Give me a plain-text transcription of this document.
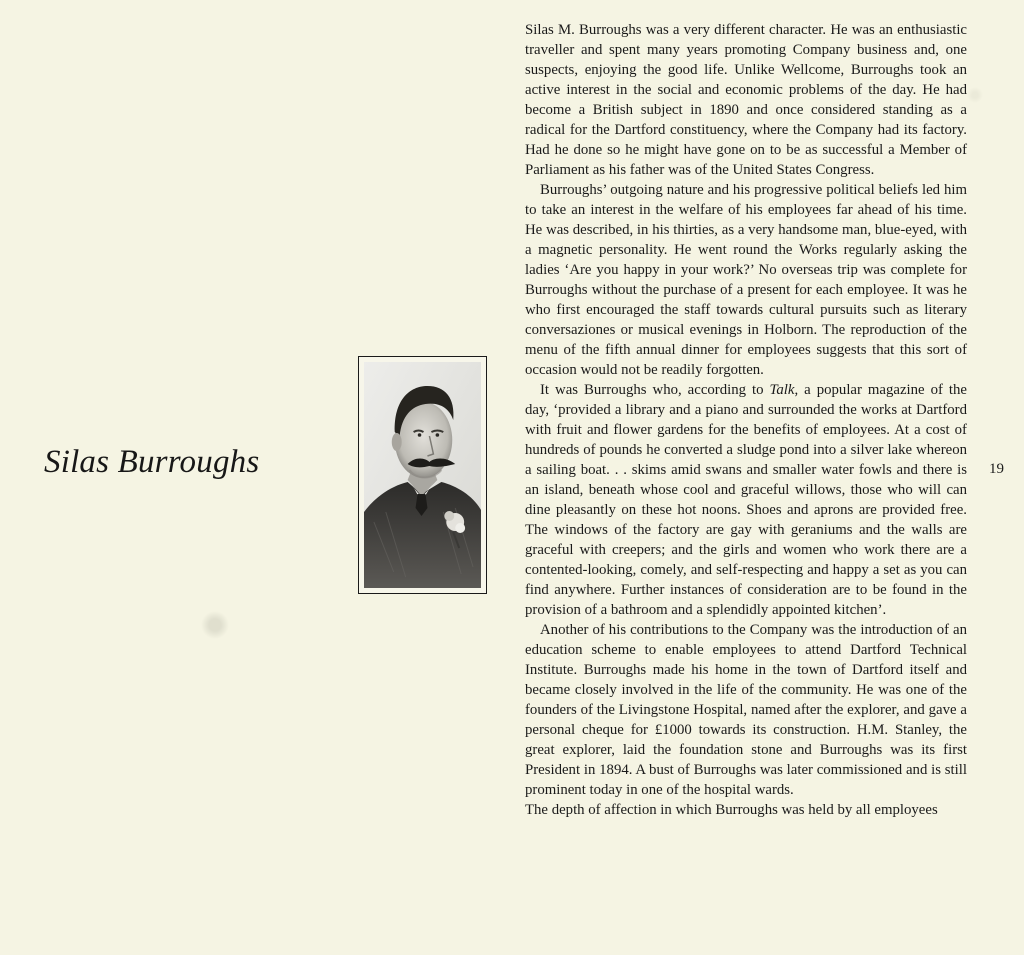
Silas Burroughs

Silas M. Burroughs was a very different character. He was an enthusiastic traveller and spent many years promoting Company business and, one suspects, enjoying the good life. Unlike Wellcome, Burroughs took an active interest in the social and economic problems of the day. He had become a British subject in 1890 and once considered standing as a radical for the Dartford constituency, where the Company had its factory. Had he done so he might have gone on to be as successful a Member of Parliament as his father was of the United States Congress.

Burroughs’ outgoing nature and his progressive political beliefs led him to take an interest in the welfare of his employees far ahead of his time. He was described, in his thirties, as a very handsome man, blue-eyed, with a magnetic personality. He went round the Works regularly asking the ladies ‘Are you happy in your work?’ No overseas trip was complete for Burroughs without the purchase of a present for each employee. It was he who first encouraged the staff towards cultural pursuits such as literary conversaziones or musical evenings in Holborn. The reproduction of the menu of the fifth annual dinner for employees suggests that this sort of occasion would not be readily forgotten.

It was Burroughs who, according to Talk, a popular magazine of the day, ‘provided a library and a piano and surrounded the works at Dartford with fruit and flower gardens for the benefits of employees. At a cost of hundreds of pounds he converted a sludge pond into a silver lake whereon a sailing boat. . . skims amid swans and smaller water fowls and there is an island, beneath whose cool and graceful willows, those who will can dine pleasantly on these hot noons. Shoes and aprons are provided free. The windows of the factory are gay with geraniums and the walls are graceful with creepers; and the girls and women who work there are a contented-looking, comely, and self-respecting and happy a set as you can find anywhere. Further instances of consideration are to be found in the provision of a bathroom and a splendidly appointed kitchen’.

Another of his contributions to the Company was the introduction of an education scheme to enable employees to attend Dartford Technical Institute. Burroughs made his home in the town of Dartford itself and became closely involved in the life of the community. He was one of the founders of the Livingstone Hospital, named after the explorer, and gave a personal cheque for £1000 towards its construction. H.M. Stanley, the great explorer, laid the foundation stone and Burroughs was its first President in 1894. A bust of Burroughs was later commissioned and is still prominent today in one of the hospital wards.

The depth of affection in which Burroughs was held by all employees

19
